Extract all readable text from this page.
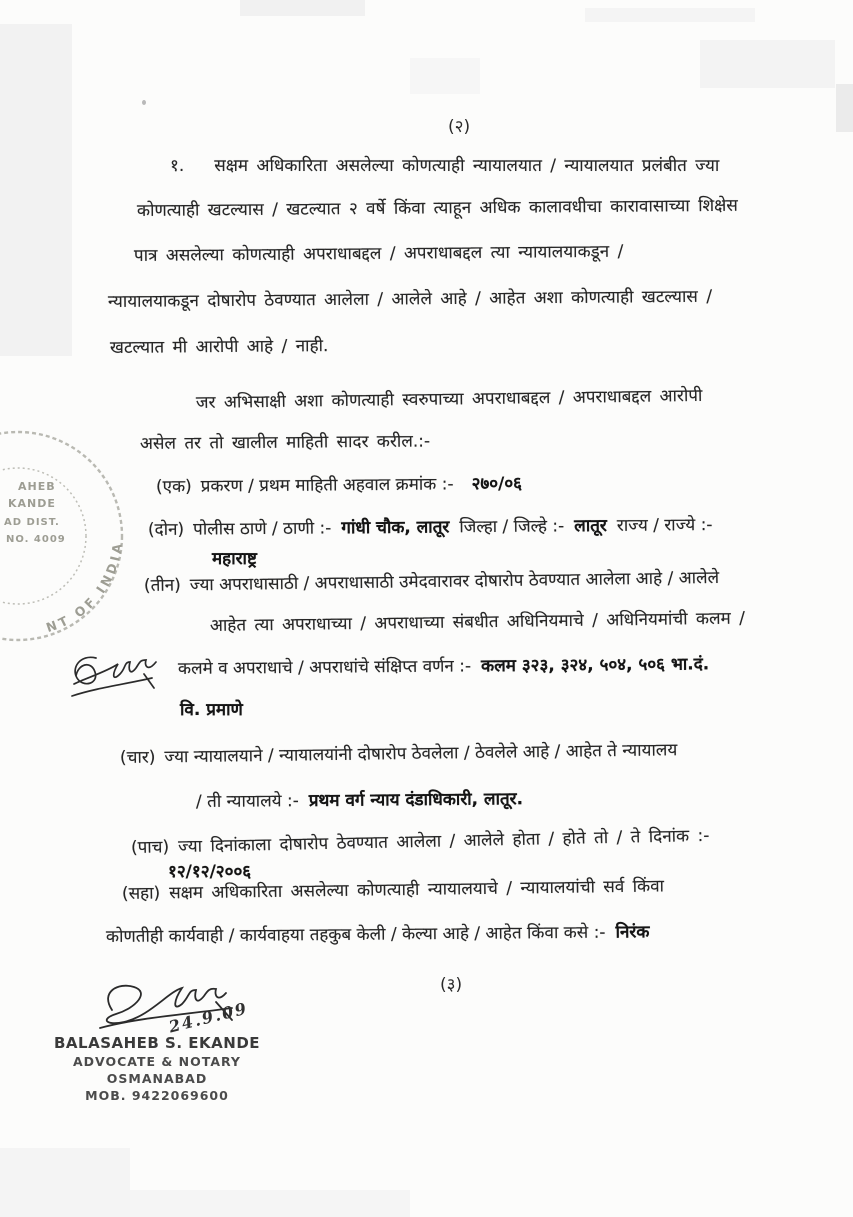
AHEB
KANDE
AD DIST.
NO. 4009
NT OF INDIA
(२)
१. सक्षम अधिकारिता असलेल्या कोणत्याही न्यायालयात / न्यायालयात प्रलंबीत ज्या
कोणत्याही खटल्यास / खटल्यात २ वर्षे किंवा त्याहून अधिक कालावधीचा कारावासाच्या शिक्षेस
पात्र असलेल्या कोणत्याही अपराधाबद्दल / अपराधाबद्दल त्या न्यायालयाकडून /
न्यायालयाकडून दोषारोप ठेवण्यात आलेला / आलेले आहे / आहेत अशा कोणत्याही खटल्यास /
खटल्यात मी आरोपी आहे / नाही.
जर अभिसाक्षी अशा कोणत्याही स्वरुपाच्या अपराधाबद्दल / अपराधाबद्दल आरोपी
असेल तर तो खालील माहिती सादर करील.:-
(एक) प्रकरण / प्रथम माहिती अहवाल क्रमांक :- २७०/०६
(दोन) पोलीस ठाणे / ठाणी :- गांधी चौक, लातूर जिल्हा / जिल्हे :- लातूर राज्य / राज्ये :-
महाराष्ट्र
(तीन) ज्या अपराधासाठी / अपराधासाठी उमेदवारावर दोषारोप ठेवण्यात आलेला आहे / आलेले
आहेत त्या अपराधाच्या / अपराधाच्या संबधीत अधिनियमाचे / अधिनियमांची कलम /
कलमे व अपराधाचे / अपराधांचे संक्षिप्त वर्णन :- कलम ३२३, ३२४, ५०४, ५०६ भा.दं.
वि. प्रमाणे
(चार) ज्या न्यायालयाने / न्यायालयांनी दोषारोप ठेवलेला / ठेवलेले आहे / आहेत ते न्यायालय
/ ती न्यायालये :- प्रथम वर्ग न्याय दंडाधिकारी, लातूर.
(पाच) ज्या दिनांकाला दोषारोप ठेवण्यात आलेला / आलेले होता / होते तो / ते दिनांक :-
१२/१२/२००६
(सहा) सक्षम अधिकारिता असलेल्या कोणत्याही न्यायालयाचे / न्यायालयांची सर्व किंवा
कोणतीही कार्यवाही / कार्यवाहया तहकुब केली / केल्या आहे / आहेत किंवा कसे :- निरंक
(३)
24.9.09
BALASAHEB S. EKANDE
ADVOCATE & NOTARY
OSMANABAD
MOB. 9422069600
